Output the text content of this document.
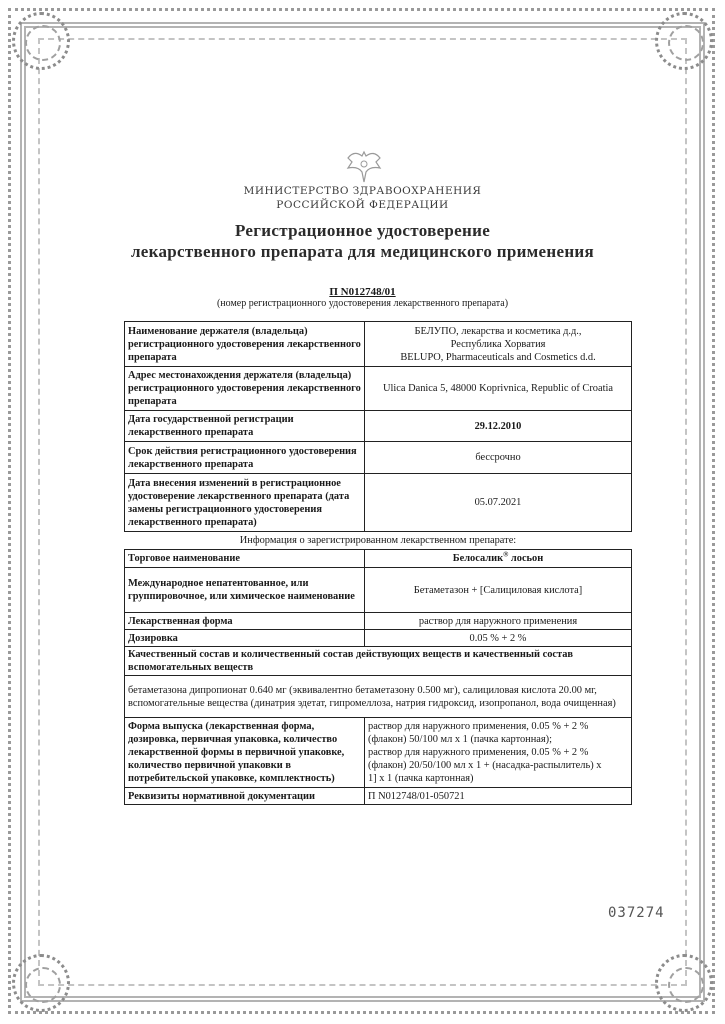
МИНИСТЕРСТВО ЗДРАВООХРАНЕНИЯ
РОССИЙСКОЙ ФЕДЕРАЦИИ
Регистрационное удостоверение
лекарственного препарата для медицинского применения
П N012748/01
(номер регистрационного удостоверения лекарственного препарата)
Наименование держателя (владельца) регистрационного удостоверения лекарственного препарата	БЕЛУПО, лекарства и косметика д.д.,
Республика Хорватия
BELUPO, Pharmaceuticals and Cosmetics d.d.

Адрес местонахождения держателя (владельца) регистрационного удостоверения лекарственного препарата	Ulica Danica 5, 48000 Koprivnica, Republic of Croatia

Дата государственной регистрации лекарственного препарата	29.12.2010

Срок действия регистрационного удостоверения лекарственного препарата	бессрочно

Дата внесения изменений в регистрационное удостоверение лекарственного препарата (дата замены регистрационного удостоверения лекарственного препарата)	05.07.2021
Информация о зарегистрированном лекарственном препарате:
Торговое наименование	Белосалик® лосьон
Международное непатентованное, или группировочное, или химическое наименование	Бетаметазон + [Салициловая кислота]
Лекарственная форма	раствор для наружного применения
Дозировка	0.05 % + 2 %
Качественный состав и количественный состав действующих веществ и качественный состав вспомогательных веществ	
бетаметазона дипропионат 0.640 мг (эквивалентно бетаметазону 0.500 мг), салициловая кислота 20.00 мг, вспомогательные вещества (динатрия эдетат, гипромеллоза, натрия гидроксид, изопропанол, вода очищенная)	
Форма выпуска (лекарственная форма, дозировка, первичная упаковка, количество лекарственной формы в первичной упаковке, количество первичной упаковки в потребительской упаковке, комплектность)	раствор для наружного применения, 0.05 % + 2 %
(флакон) 50/100 мл x 1 (пачка картонная);
раствор для наружного применения, 0.05 % + 2 %
(флакон) 20/50/100 мл x 1 + (насадка-распылитель) x
1] x 1 (пачка картонная)

Реквизиты нормативной документации	П N012748/01-050721
037274
